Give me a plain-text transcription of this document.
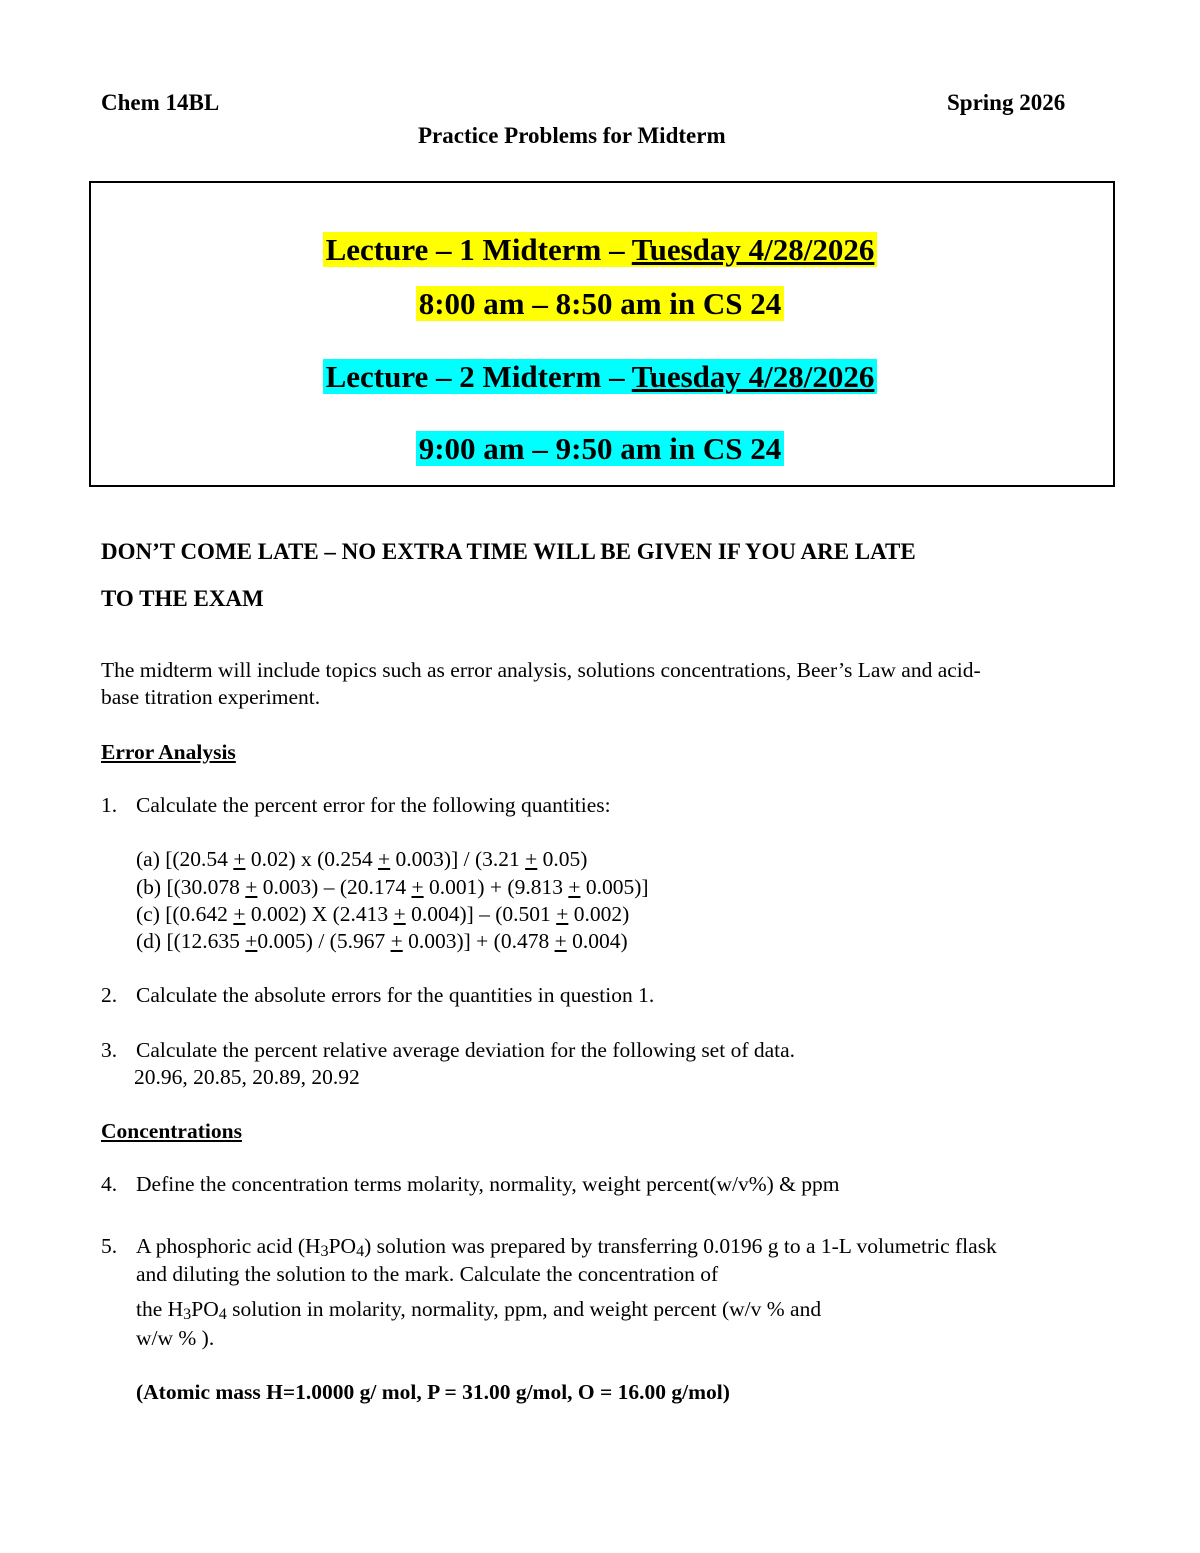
Chem 14BL	Spring 2026
Practice Problems for Midterm
Lecture – 1 Midterm – Tuesday 4/28/2026
8:00 am – 8:50 am in CS 24
Lecture – 2 Midterm – Tuesday 4/28/2026
9:00 am – 9:50 am in CS 24
DON’T COME LATE – NO EXTRA TIME WILL BE GIVEN IF YOU ARE LATE
TO THE EXAM
The midterm will include topics such as error analysis, solutions concentrations, Beer’s Law and acid-
base titration experiment.
Error Analysis
1. Calculate the percent error for the following quantities:
(a) [(20.54 + 0.02) x (0.254 + 0.003)] / (3.21 + 0.05)
(b) [(30.078 + 0.003) – (20.174 + 0.001) + (9.813 + 0.005)]
(c) [(0.642 + 0.002) X (2.413 + 0.004)] – (0.501 + 0.002)
(d) [(12.635 +0.005) / (5.967 + 0.003)] + (0.478 + 0.004)
2. Calculate the absolute errors for the quantities in question 1.
3. Calculate the percent relative average deviation for the following set of data.
20.96, 20.85, 20.89, 20.92
Concentrations
4. Define the concentration terms molarity, normality, weight percent(w/v%) & ppm
5. A phosphoric acid $(H_3PO_4)$ solution was prepared by transferring 0.0196 g to a 1-L volumetric flask
and diluting the solution to the mark. Calculate the concentration of
the $H_3PO_4$ solution in molarity, normality, ppm, and weight percent (w/v % and
w/w % ).
(Atomic mass H=1.0000 g/ mol, P = 31.00 g/mol, O = 16.00 g/mol)
